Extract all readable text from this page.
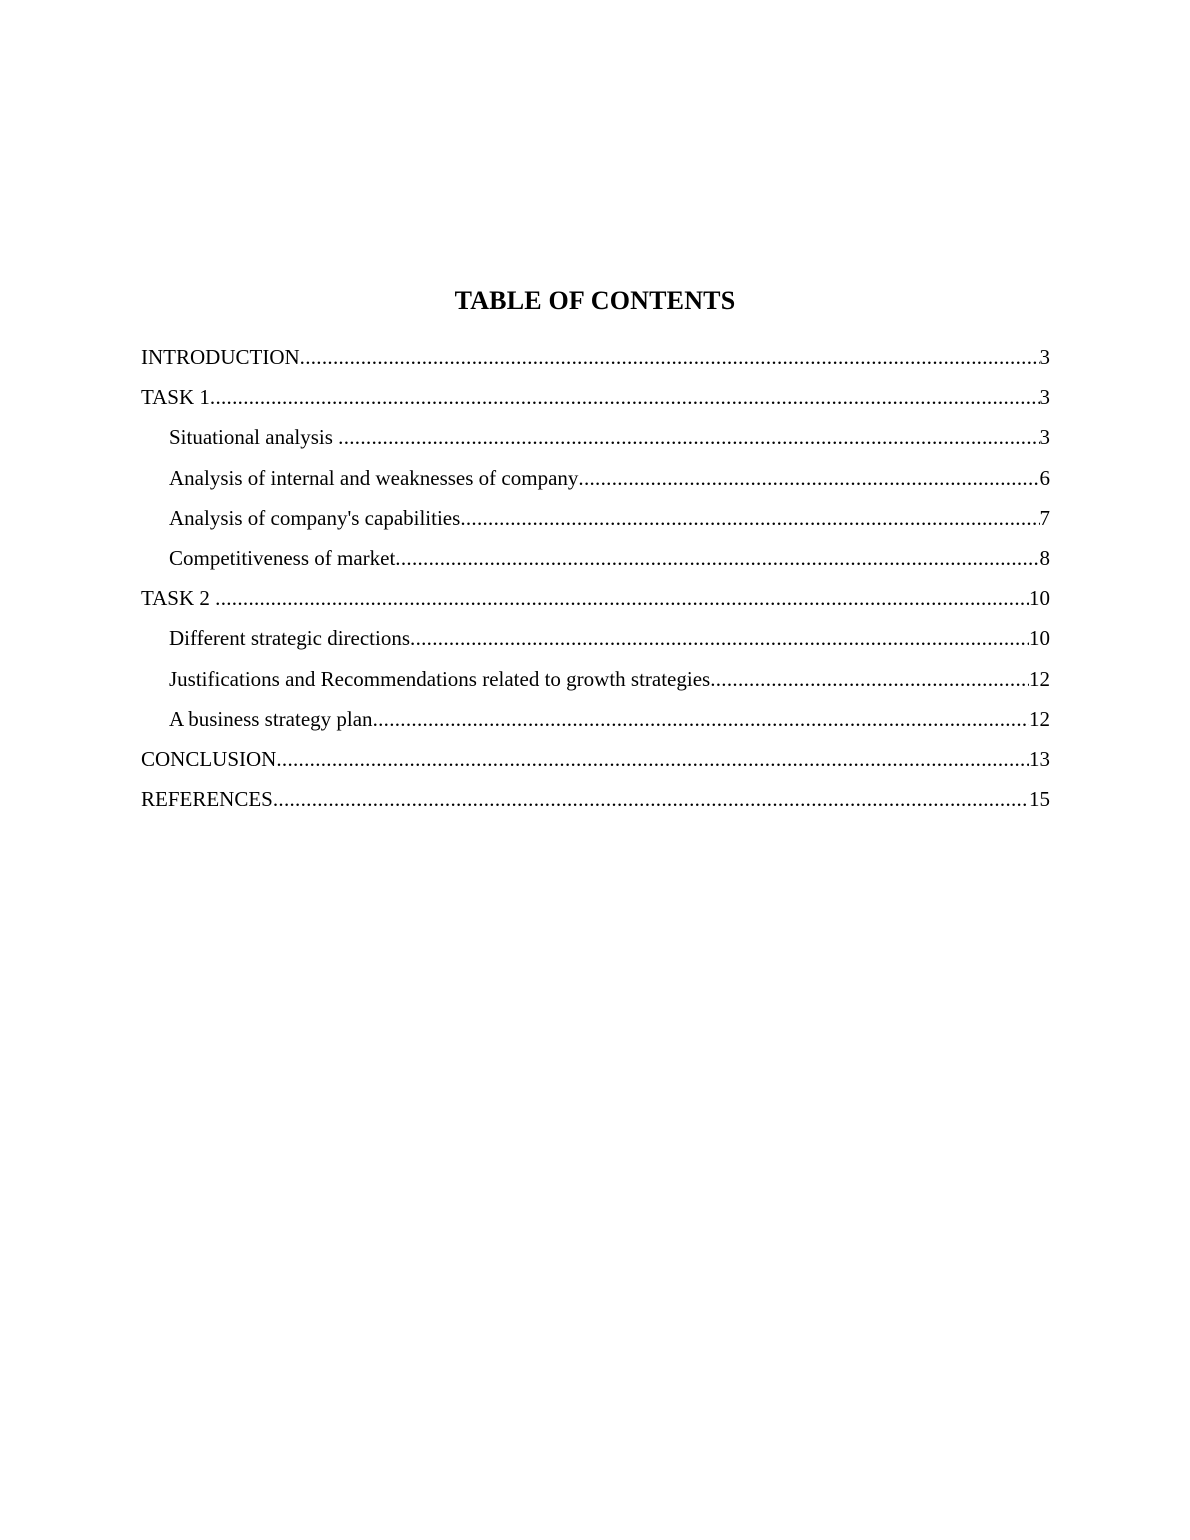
TABLE OF CONTENTS
INTRODUCTION .....	3
TASK 1 .....	3
Situational analysis .....	3
Analysis of internal and weaknesses of company .....	6
Analysis of company's capabilities .....	7
Competitiveness of market .....	8
TASK 2 .....	10
Different strategic directions .....	10
Justifications and Recommendations related to growth strategies .....	12
A business strategy plan .....	12
CONCLUSION .....	13
REFERENCES .....	15
